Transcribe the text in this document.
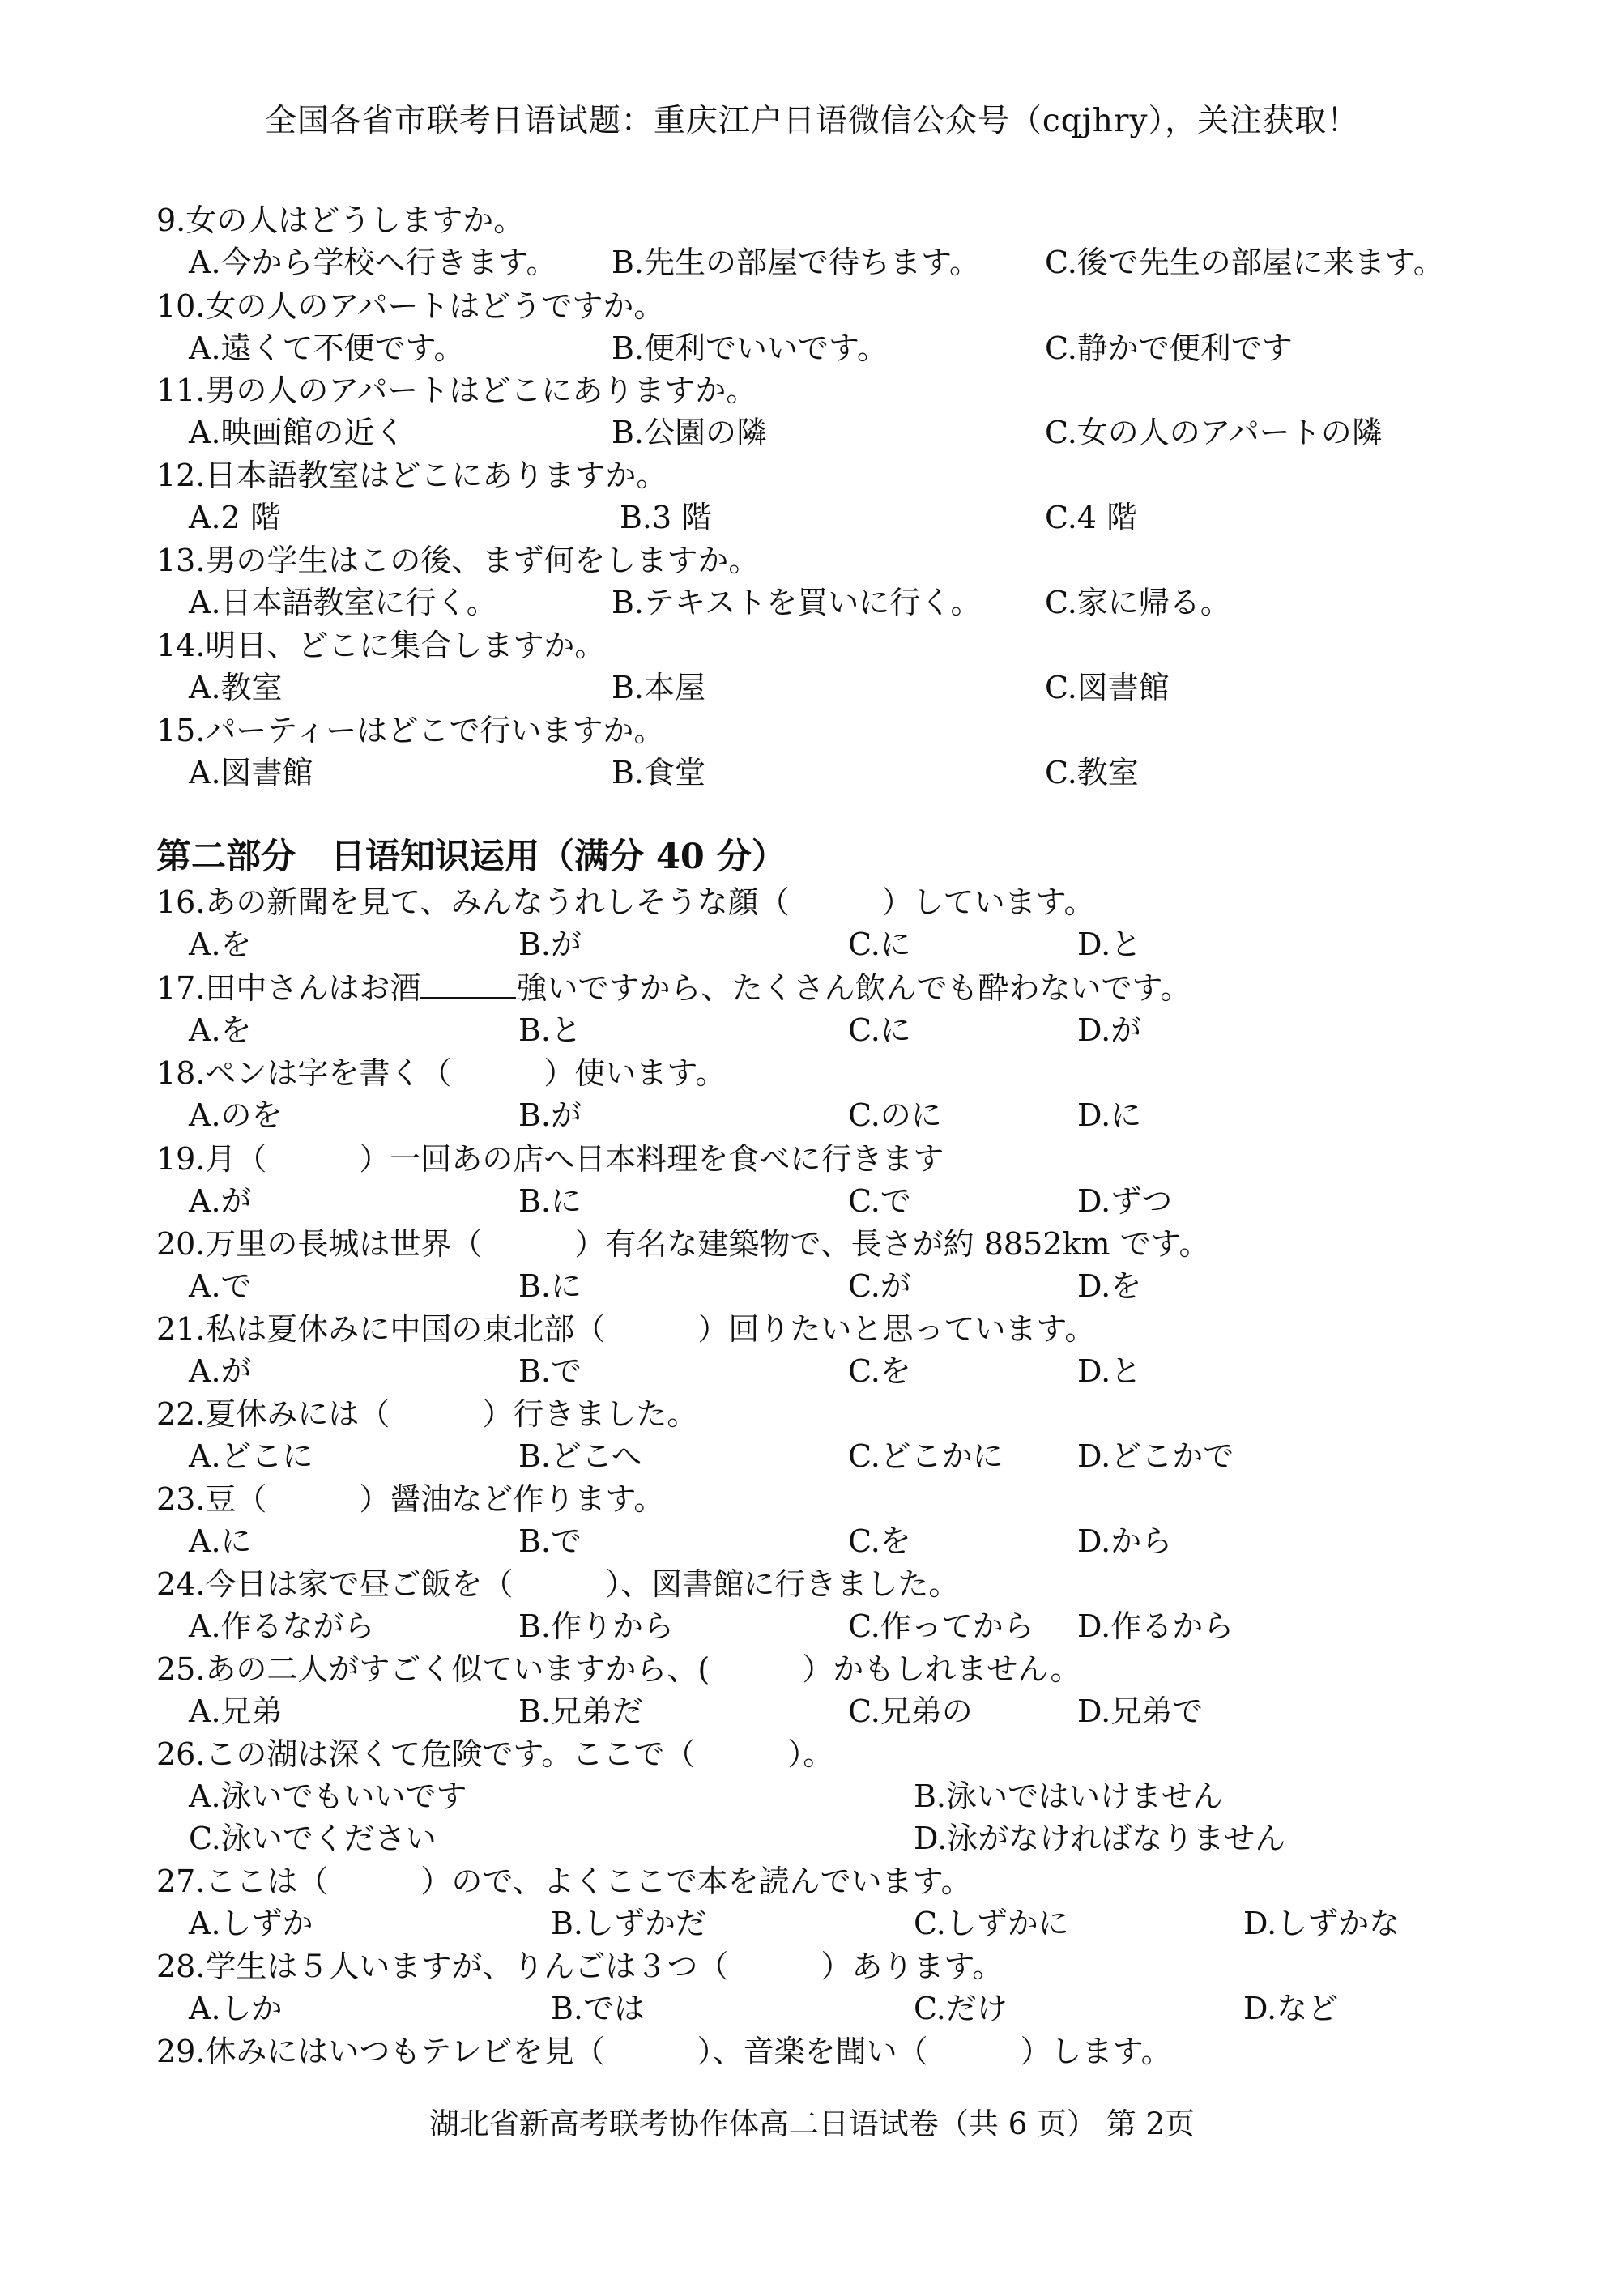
全国各省市联考日语试题：重庆江户日语微信公众号（cqjhry），关注获取！
9.女の人はどうしますか。
A.今から学校へ行きます。 B.先生の部屋で待ちます。 C.後で先生の部屋に来ます。
10.女の人のアパートはどうですか。
A.遠くて不便です。	B.便利でいいです。	C.静かで便利です
11.男の人のアパートはどこにありますか。
A.映画館の近く	B.公園の隣	C.女の人のアパートの隣
12.日本語教室はどこにありますか。
A.2 階	B.3 階	C.4 階
13.男の学生はこの後、まず何をしますか。
A.日本語教室に行く。	B.テキストを買いに行く。 C.家に帰る。
14.明日、どこに集合しますか。
A.教室	B.本屋	C.図書館
15.パーティーはどこで行いますか。
A.図書館	B.食堂	C.教室
第二部分　日语知识运用（满分 40 分）
16.あの新聞を見て、みんなうれしそうな顔（　　　）しています。
A.を	B.が	C.に	D.と
17.田中さんはお酒	強いですから、たくさん飲んでも酔わないです。
A.を	B.と	C.に	D.が
18.ペンは字を書く（　　　）使います。
A.のを	B.が	C.のに	D.に
19.月（　　　）一回あの店へ日本料理を食べに行きます
A.が	B.に	C.で	D.ずつ
20.万里の長城は世界（　　　）有名な建築物で、長さが約 8852km です。
A.で	B.に	C.が	D.を
21.私は夏休みに中国の東北部（　　　）回りたいと思っています。
A.が	B.で	C.を	D.と
22.夏休みには（　　　）行きました。
A.どこに	B.どこへ	C.どこかに D.どこかで
23.豆（　　　）醤油など作ります。
A.に	B.で	C.を	D.から
24.今日は家で昼ご飯を（　　　）、図書館に行きました。
A.作るながら	B.作りから	C.作ってから D.作るから
25.あの二人がすごく似ていますから、(　　　）かもしれません。
A.兄弟	B.兄弟だ	C.兄弟の	D.兄弟で
26.この湖は深くて危険です。ここで（　　　）。
A.泳いでもいいです	B.泳いではいけません
C.泳いでください	D.泳がなければなりません
27.ここは（　　　）ので、よくここで本を読んでいます。
A.しずか	B.しずかだ	C.しずかに	D.しずかな
28.学生は５人いますが、りんごは３つ（　　　）あります。
A.しか	B.では	C.だけ	D.など
29.休みにはいつもテレビを見（　　　）、音楽を聞い（　　　）します。
湖北省新高考联考协作体高二日语试卷（共 6 页） 第 2页
